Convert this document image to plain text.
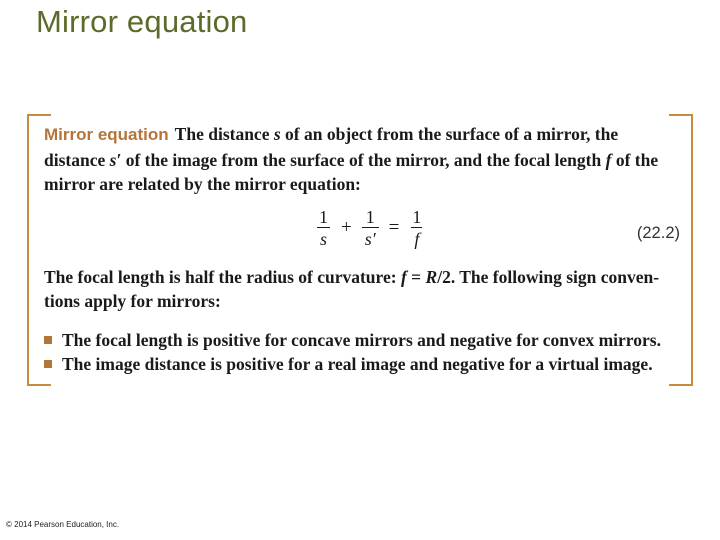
Mirror equation
Mirror equation The distance s of an object from the surface of a mirror, the
distance s′ of the image from the surface of the mirror, and the focal length f of the
mirror are related by the mirror equation:
$\frac{1}{s} + \frac{1}{s'} = \frac{1}{f}$	(22.2)
The focal length is half the radius of curvature: f = R/2. The following sign conven-
tions apply for mirrors:
The focal length is positive for concave mirrors and negative for convex mirrors.
The image distance is positive for a real image and negative for a virtual image.
© 2014 Pearson Education, Inc.
